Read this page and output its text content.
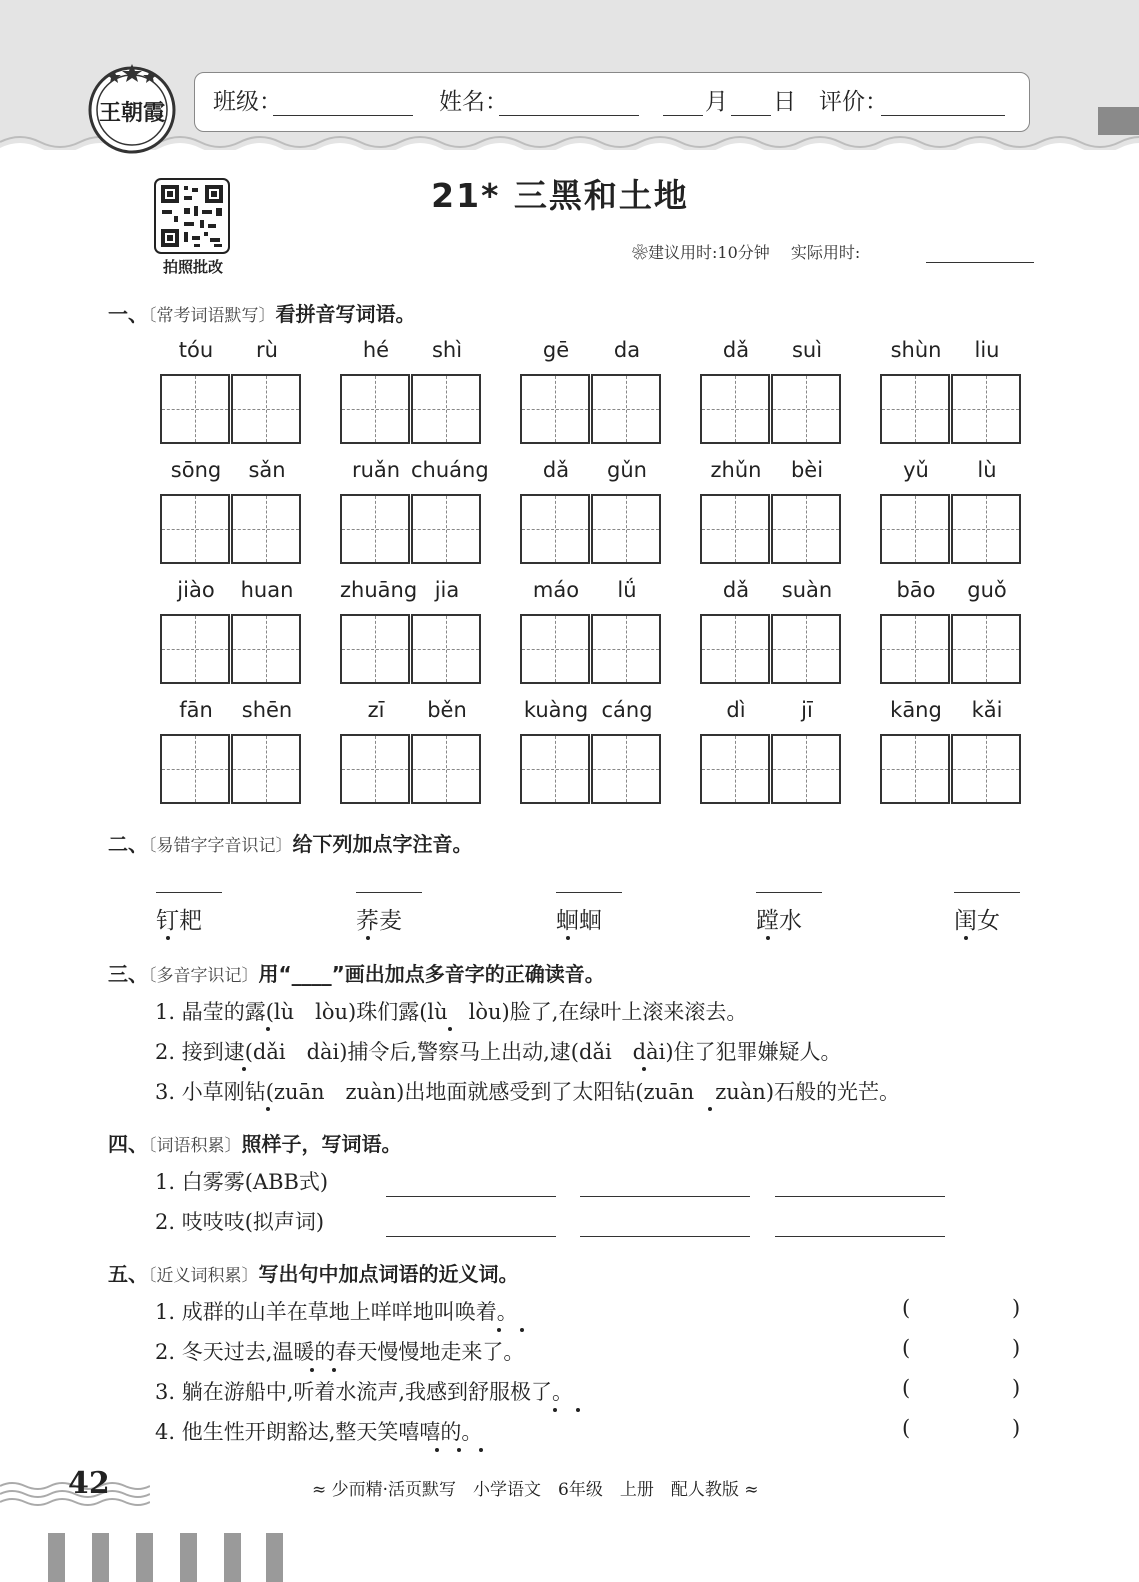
王朝霞 班级：	姓名：	月 日 评价：
拍照批改
21* 三黑和土地
❀建议用时:10分钟　 实际用时:
一、〔常考词语默写〕看拼音写词语。
tóu	rù	hé	shì	gē	da	dǎ	suì	shùn	liu
sōng	sǎn	ruǎn chuáng	dǎ	gǔn	zhǔn	bèi	yǔ	lù
jiào	huan	zhuāng jia	máo	lǘ	dǎ	suàn	bāo	guǒ
fān	shēn	zī	běn	kuàng cáng	dì	jī	kāng	kǎi
二、〔易错字字音识记〕给下列加点字注音。
钉耙	荞麦	蛔蛔	蹚水	闺女
三、〔多音字识记〕用“____”画出加点多音字的正确读音。
1. 晶莹的露(lù　lòu)珠们露(lù　lòu)脸了,在绿叶上滚来滚去。
2. 接到逮(dǎi　dài)捕令后,警察马上出动,逮(dǎi　dài)住了犯罪嫌疑人。
3. 小草刚钻(zuān　zuàn)出地面就感受到了太阳钻(zuān　zuàn)石般的光芒。
四、〔词语积累〕照样子，写词语。
1. 白雾雾(ABB式)
2. 吱吱吱(拟声词)
五、〔近义词积累〕写出句中加点词语的近义词。
1. 成群的山羊在草地上咩咩地叫唤着。	(	)
2. 冬天过去,温暖的春天慢慢地走来了。	(	)
3. 躺在游船中,听着水流声,我感到舒服极了。	(	)
4. 他生性开朗豁达,整天笑嘻嘻的。	(	)
42	≈ 少而精·活页默写　小学语文　6年级　上册　配人教版 ≈
